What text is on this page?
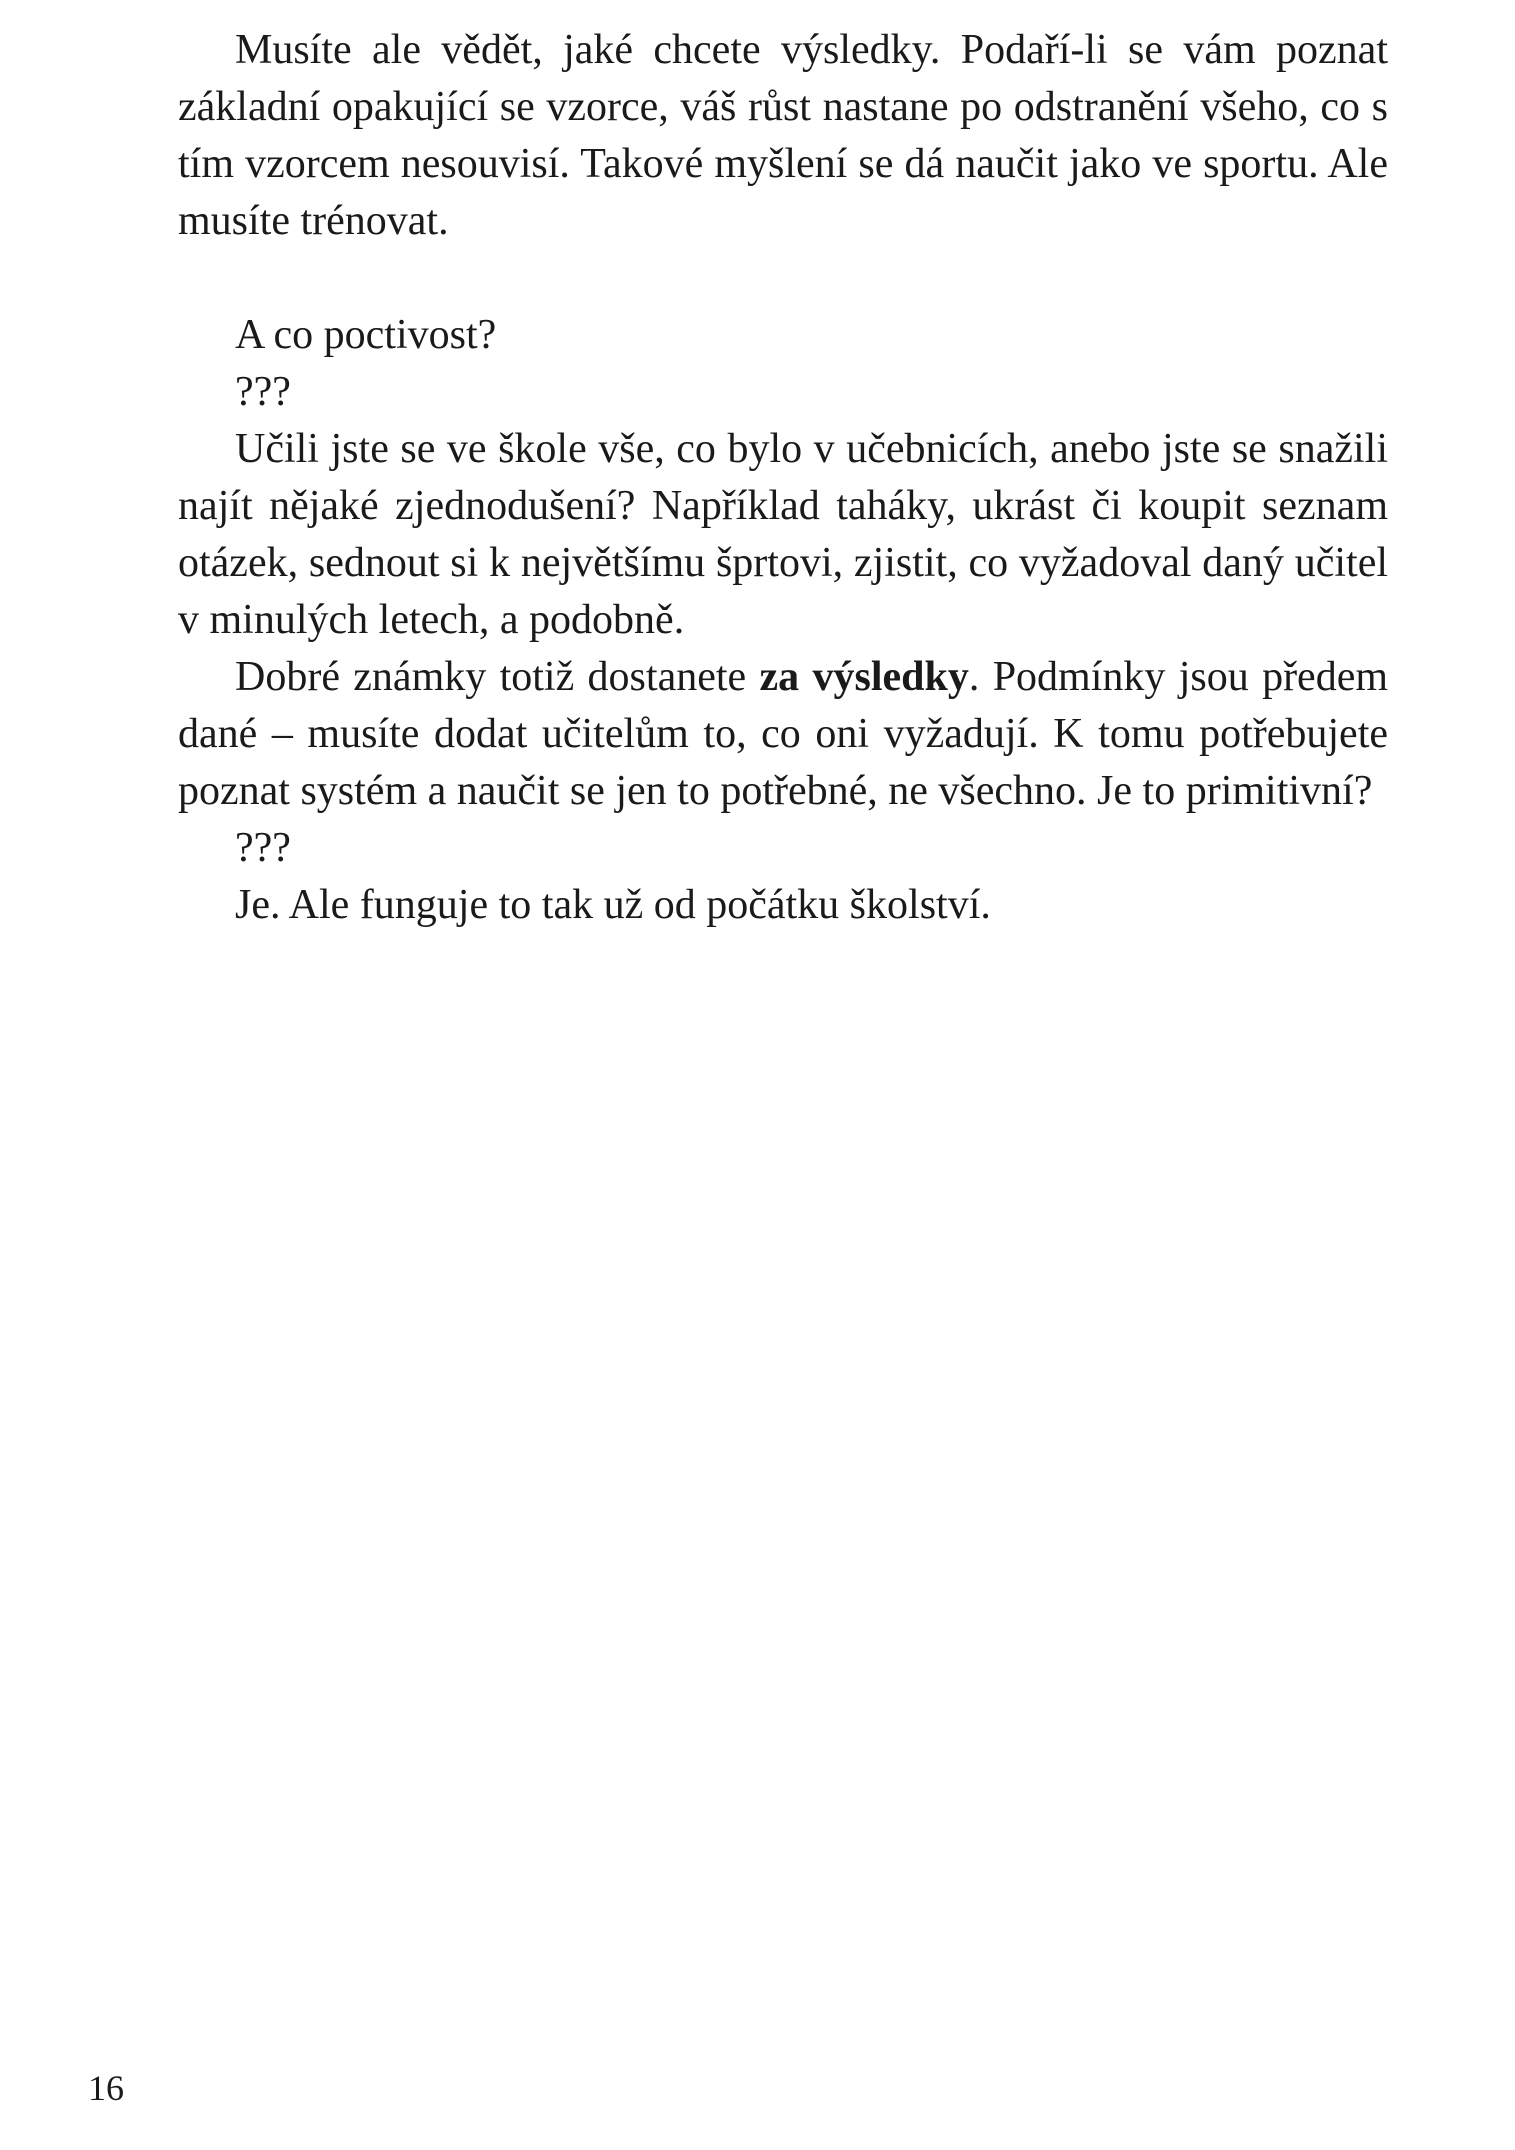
Musíte ale vědět, jaké chcete výsledky. Podaří-li se vám poznat základní opakující se vzorce, váš růst nastane po odstranění všeho, co s tím vzorcem nesouvisí. Takové myšlení se dá naučit jako ve sportu. Ale musíte trénovat.

A co poctivost?

???

Učili jste se ve škole vše, co bylo v učebnicích, anebo jste se snažili najít nějaké zjednodušení? Například taháky, ukrást či koupit seznam otázek, sednout si k největšímu šprtovi, zjistit, co vyžadoval daný učitel v minulých letech, a podobně.

Dobré známky totiž dostanete za výsledky. Podmínky jsou předem dané – musíte dodat učitelům to, co oni vyžadují. K tomu potřebujete poznat systém a naučit se jen to potřebné, ne všechno. Je to primitivní?

???

Je. Ale funguje to tak už od počátku školství.

16
